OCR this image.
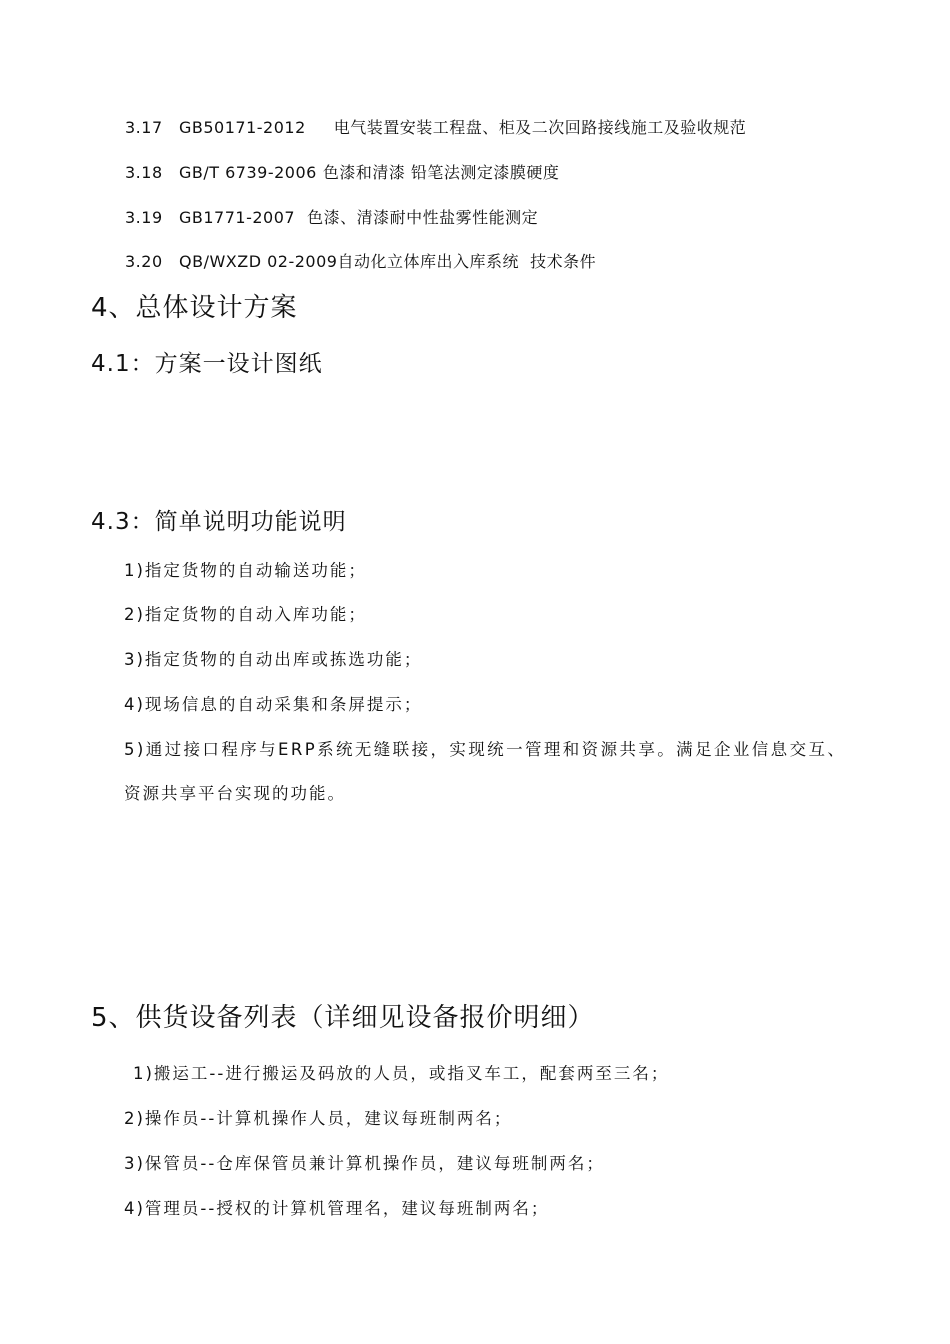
3.17 GB50171-2012 电气装置安装工程盘、柜及二次回路接线施工及验收规范
3.18 GB/T 6739-2006 色漆和清漆 铅笔法测定漆膜硬度
3.19 GB1771-2007 色漆、清漆耐中性盐雾性能测定
3.20 QB/WXZD 02-2009自动化立体库出入库系统  技术条件
4、总体设计方案
4.1：方案一设计图纸
4.3：简单说明功能说明
1)指定货物的自动输送功能；
2)指定货物的自动入库功能；
3)指定货物的自动出库或拣选功能；
4)现场信息的自动采集和条屏提示；
5)通过接口程序与ERP系统无缝联接，实现统一管理和资源共享。满足企业信息交互、
资源共享平台实现的功能。
5、供货设备列表（详细见设备报价明细）
1)搬运工--进行搬运及码放的人员，或指叉车工，配套两至三名；
2)操作员--计算机操作人员，建议每班制两名；
3)保管员--仓库保管员兼计算机操作员，建议每班制两名；
4)管理员--授权的计算机管理名，建议每班制两名；
